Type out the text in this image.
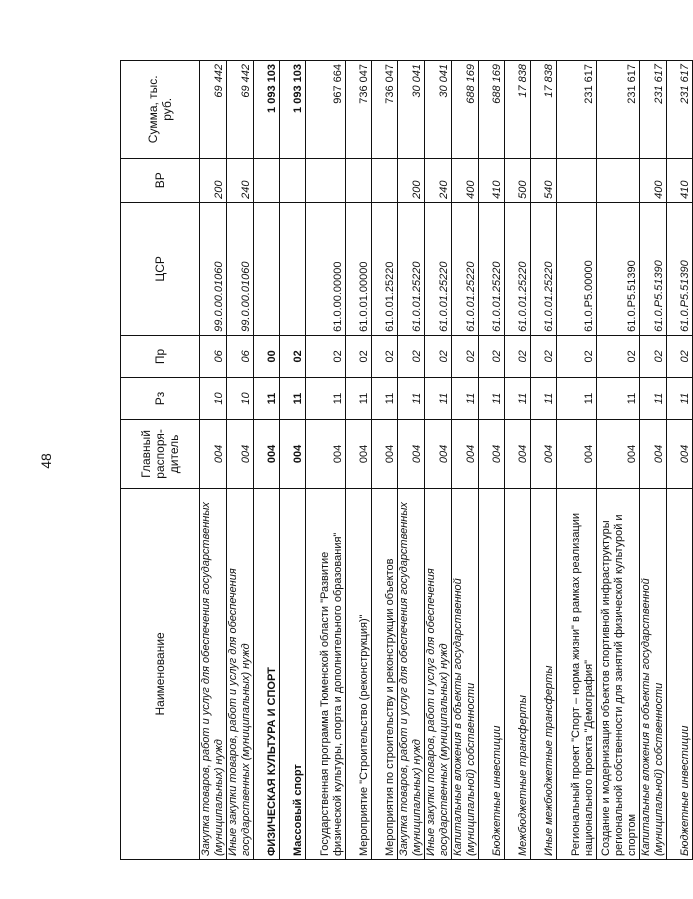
48
Наименование	Главный распоря-дитель	Рз	Пр	ЦСР	ВР	Сумма, тыс. руб.
Закупка товаров, работ и услуг для обеспечения государственных (муниципальных) нужд	004	10	06	99.0.00.01060	200	69 442
Иные закупки товаров, работ и услуг для обеспечения государственных (муниципальных) нужд	004	10	06	99.0.00.01060	240	69 442
ФИЗИЧЕСКАЯ КУЛЬТУРА И СПОРТ	004	11	00			1 093 103
Массовый спорт	004	11	02			1 093 103
Государственная программа Тюменской области "Развитие физической культуры, спорта и дополнительного образования"	004	11	02	61.0.00.00000		967 664
Мероприятие "Строительство (реконструкция)"	004	11	02	61.0.01.00000		736 047
Мероприятия по строительству и реконструкции объектов	004	11	02	61.0.01.25220		736 047
Закупка товаров, работ и услуг для обеспечения государственных (муниципальных) нужд	004	11	02	61.0.01.25220	200	30 041
Иные закупки товаров, работ и услуг для обеспечения государственных (муниципальных) нужд	004	11	02	61.0.01.25220	240	30 041
Капитальные вложения в объекты государственной (муниципальной) собственности	004	11	02	61.0.01.25220	400	688 169
Бюджетные инвестиции	004	11	02	61.0.01.25220	410	688 169
Межбюджетные трансферты	004	11	02	61.0.01.25220	500	17 838
Иные межбюджетные трансферты	004	11	02	61.0.01.25220	540	17 838
Региональный проект "Спорт – норма жизни" в рамках реализации национального проекта "Демография"	004	11	02	61.0.P5.00000		231 617
Создание и модернизация объектов спортивной инфраструктуры региональной собственности для занятий физической культурой и спортом	004	11	02	61.0.P5.51390		231 617
Капитальные вложения в объекты государственной (муниципальной) собственности	004	11	02	61.0.P5.51390	400	231 617
Бюджетные инвестиции	004	11	02	61.0.P5.51390	410	231 617
